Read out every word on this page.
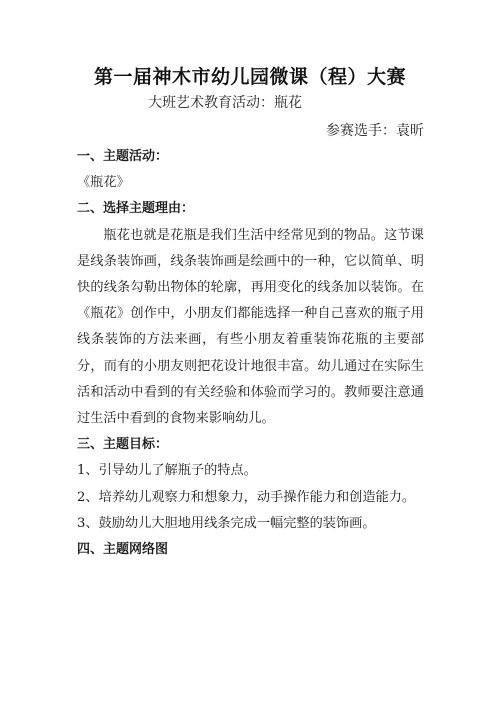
第一届神木市幼儿园微课（程）大赛
大班艺术教育活动：瓶花
参赛选手：袁昕

一、主题活动：

《瓶花》

二、选择主题理由：

瓶花也就是花瓶是我们生活中经常见到的物品。这节课是线条装饰画，线条装饰画是绘画中的一种，它以简单、明快的线条勾勒出物体的轮廓，再用变化的线条加以装饰。在《瓶花》创作中，小朋友们都能选择一种自己喜欢的瓶子用线条装饰的方法来画，有些小朋友着重装饰花瓶的主要部分，而有的小朋友则把花设计地很丰富。幼儿通过在实际生活和活动中看到的有关经验和体验而学习的。教师要注意通过生活中看到的食物来影响幼儿。

三、主题目标：

1、引导幼儿了解瓶子的特点。

2、培养幼儿观察力和想象力，动手操作能力和创造能力。

3、鼓励幼儿大胆地用线条完成一幅完整的装饰画。

四、主题网络图
